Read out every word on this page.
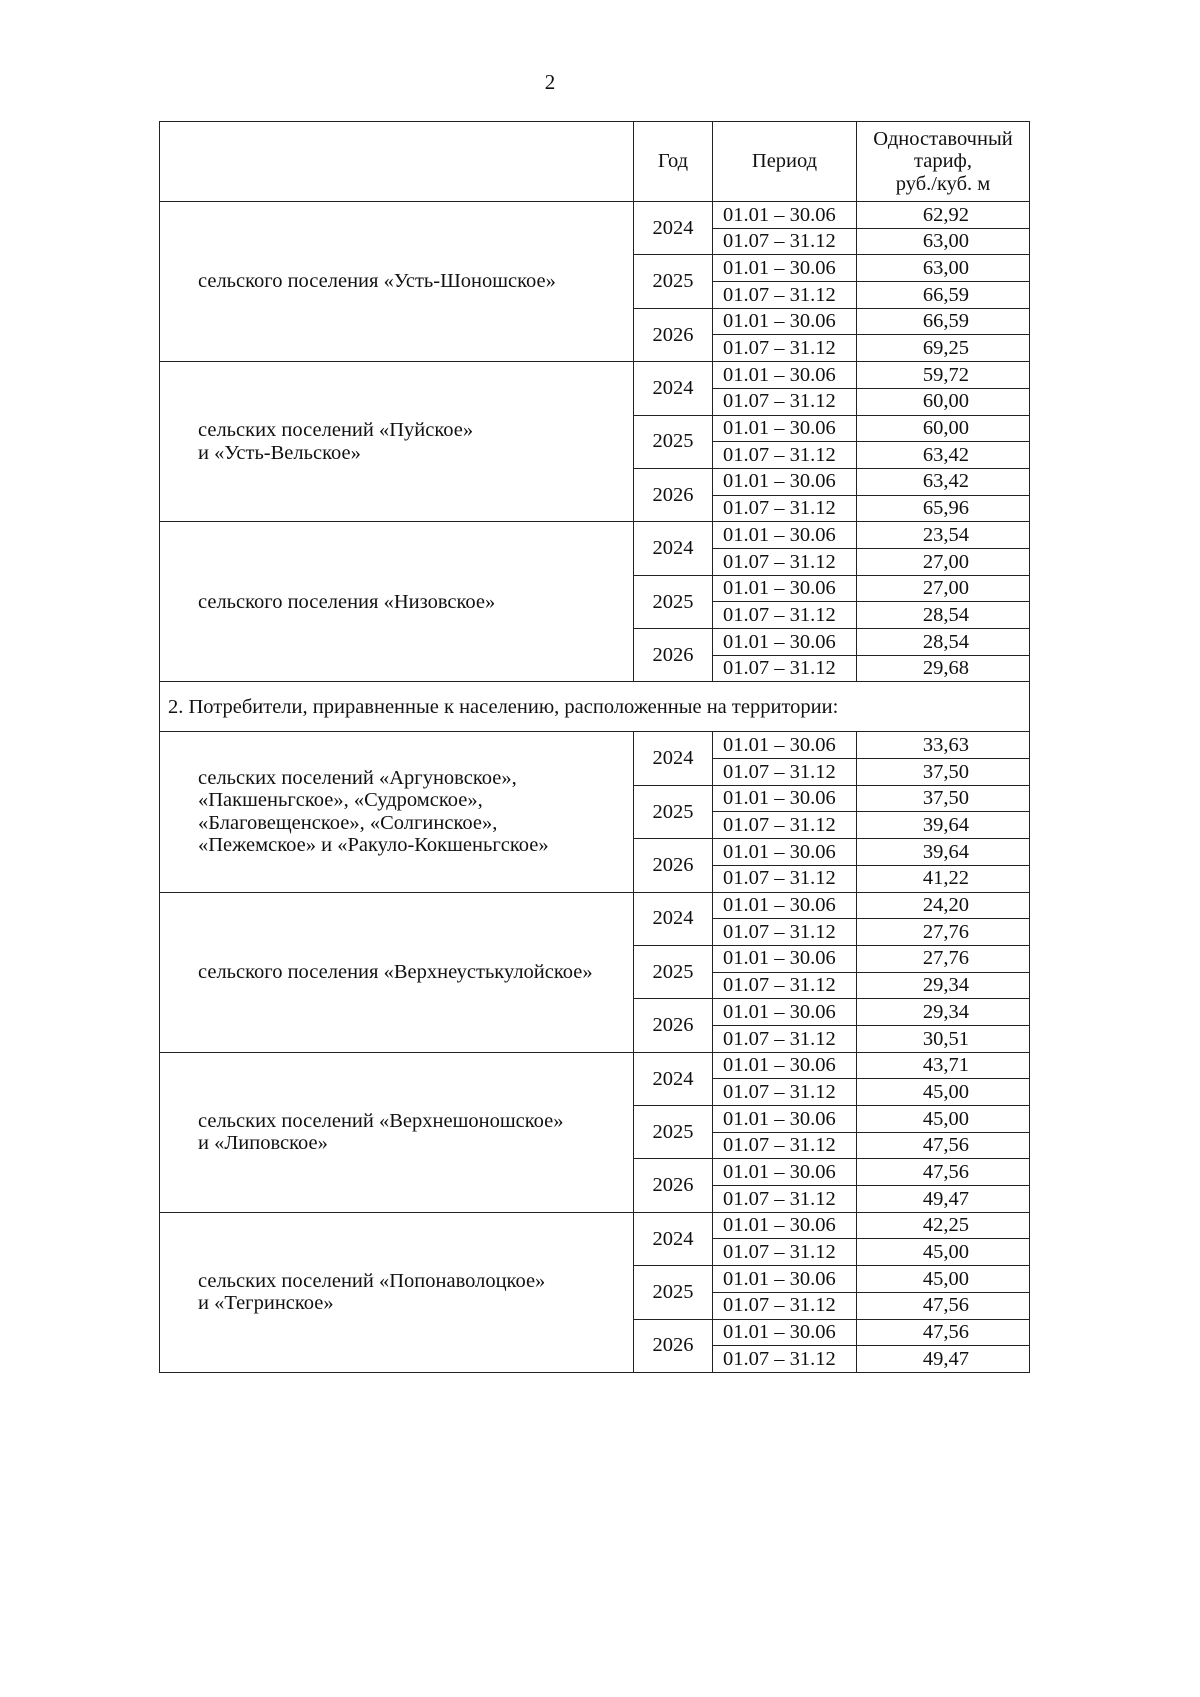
2
	Год	Период	Одноставочный
тариф,
руб./куб. м
сельского поселения «Усть-Шоношское»	2024	01.01 – 30.06	62,92
		01.07 – 31.12	63,00
	2025	01.01 – 30.06	63,00
		01.07 – 31.12	66,59
	2026	01.01 – 30.06	66,59
		01.07 – 31.12	69,25
сельских поселений «Пуйское»
и «Усть-Вельское»	2024	01.01 – 30.06	59,72
		01.07 – 31.12	60,00
	2025	01.01 – 30.06	60,00
		01.07 – 31.12	63,42
	2026	01.01 – 30.06	63,42
		01.07 – 31.12	65,96
сельского поселения «Низовское»	2024	01.01 – 30.06	23,54
		01.07 – 31.12	27,00
	2025	01.01 – 30.06	27,00
		01.07 – 31.12	28,54
	2026	01.01 – 30.06	28,54
		01.07 – 31.12	29,68
2. Потребители, приравненные к населению, расположенные на территории:			
сельских поселений «Аргуновское»,
«Пакшеньгское», «Судромское»,
«Благовещенское», «Солгинское»,
«Пежемское» и «Ракуло-Кокшеньгское»	2024	01.01 – 30.06	33,63
		01.07 – 31.12	37,50
	2025	01.01 – 30.06	37,50
		01.07 – 31.12	39,64
	2026	01.01 – 30.06	39,64
		01.07 – 31.12	41,22
сельского поселения «Верхнеустькулойское»	2024	01.01 – 30.06	24,20
		01.07 – 31.12	27,76
	2025	01.01 – 30.06	27,76
		01.07 – 31.12	29,34
	2026	01.01 – 30.06	29,34
		01.07 – 31.12	30,51
сельских поселений «Верхнешоношское»
и «Липовское»	2024	01.01 – 30.06	43,71
		01.07 – 31.12	45,00
	2025	01.01 – 30.06	45,00
		01.07 – 31.12	47,56
	2026	01.01 – 30.06	47,56
		01.07 – 31.12	49,47
сельских поселений «Попонаволоцкое»
и «Тегринское»	2024	01.01 – 30.06	42,25
		01.07 – 31.12	45,00
	2025	01.01 – 30.06	45,00
		01.07 – 31.12	47,56
	2026	01.01 – 30.06	47,56
		01.07 – 31.12	49,47
